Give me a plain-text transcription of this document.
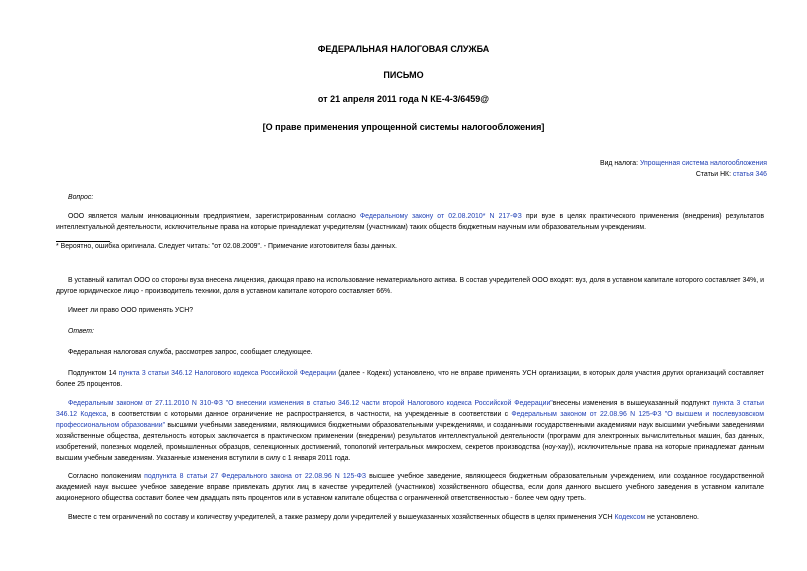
ФЕДЕРАЛЬНАЯ НАЛОГОВАЯ СЛУЖБА
ПИСЬМО
от 21 апреля 2011 года N КЕ-4-3/6459@
[О праве применения упрощенной системы налогообложения]
Вид налога: Упрощенная система налогообложения
Статьи НК: статья 346
Вопрос:
ООО является малым инновационным предприятием, зарегистрированным согласно Федеральному закону от 02.08.2010* N 217-ФЗ при вузе в целях практического применения (внедрения) результатов интеллектуальной деятельности, исключительные права на которые принадлежат учредителям (участникам) таких обществ бюджетным научным или образовательным учреждениям.
* Вероятно, ошибка оригинала. Следует читать: "от 02.08.2009". - Примечание изготовителя базы данных.
В уставный капитал ООО со стороны вуза внесена лицензия, дающая право на использование нематериального актива. В состав учредителей ООО входят: вуз, доля в уставном капитале которого составляет 34%, и другое юридическое лицо - производитель техники, доля в уставном капитале которого составляет 66%.
Имеет ли право ООО применять УСН?
Ответ:
Федеральная налоговая служба, рассмотрев запрос, сообщает следующее.
Подпунктом 14 пункта 3 статьи 346.12 Налогового кодекса Российской Федерации (далее - Кодекс) установлено, что не вправе применять УСН организации, в которых доля участия других организаций составляет более 25 процентов.
Федеральным законом от 27.11.2010 N 310-ФЗ "О внесении изменения в статью 346.12 части второй Налогового кодекса Российской Федерации"внесены изменения в вышеуказанный подпункт пункта 3 статьи 346.12 Кодекса, в соответствии с которыми данное ограничение не распространяется, в частности, на учрежденные в соответствии с Федеральным законом от 22.08.96 N 125-ФЗ "О высшем и послевузовском профессиональном образовании" высшими учебными заведениями, являющимися бюджетными образовательными учреждениями, и созданными государственными академиями наук высшими учебными заведениями хозяйственные общества, деятельность которых заключается в практическом применении (внедрении) результатов интеллектуальной деятельности (программ для электронных вычислительных машин, баз данных, изобретений, полезных моделей, промышленных образцов, селекционных достижений, топологий интегральных микросхем, секретов производства (ноу-хау)), исключительные права на которые принадлежат данным высшим учебным заведениям. Указанные изменения вступили в силу с 1 января 2011 года.
Согласно положениям подпункта 8 статьи 27 Федерального закона от 22.08.96 N 125-ФЗ высшее учебное заведение, являющееся бюджетным образовательным учреждением, или созданное государственной академией наук высшее учебное заведение вправе привлекать других лиц в качестве учредителей (участников) хозяйственного общества, если доля данного высшего учебного заведения в уставном капитале акционерного общества составит более чем двадцать пять процентов или в уставном капитале общества с ограниченной ответственностью - более чем одну треть.
Вместе с тем ограничений по составу и количеству учредителей, а также размеру доли учредителей у вышеуказанных хозяйственных обществ в целях применения УСН Кодексом не установлено.
